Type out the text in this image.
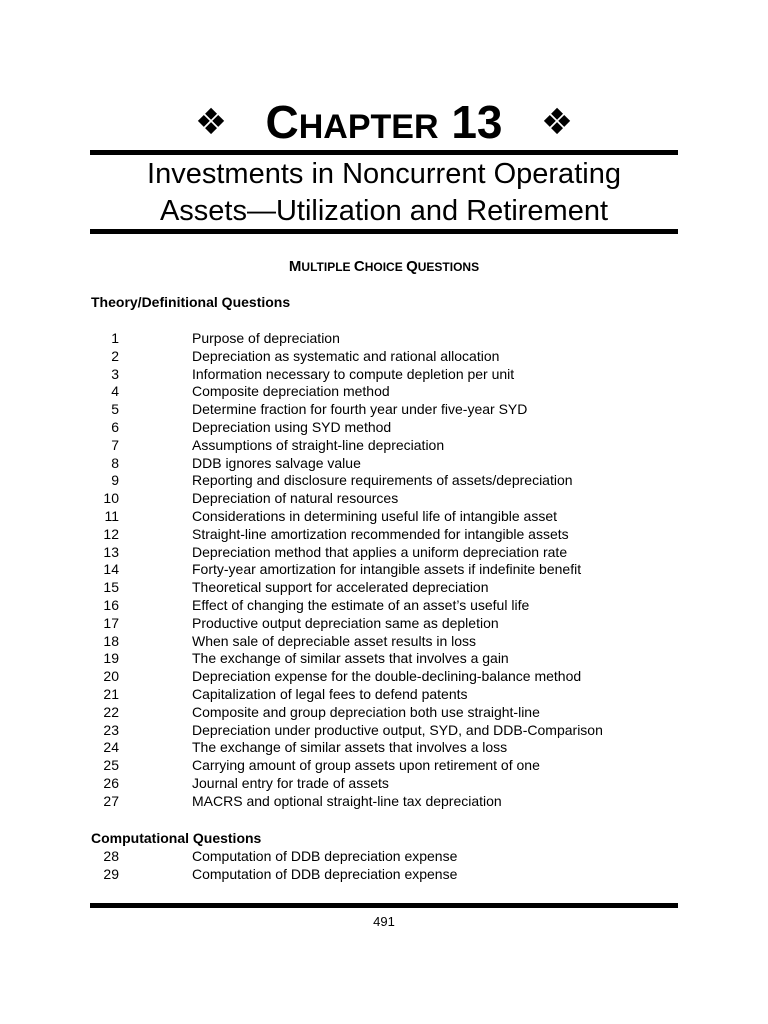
❖ CHAPTER 13 ❖
Investments in Noncurrent Operating
Assets—Utilization and Retirement
MULTIPLE CHOICE QUESTIONS
Theory/Definitional Questions
1	Purpose of depreciation
2	Depreciation as systematic and rational allocation
3	Information necessary to compute depletion per unit
4	Composite depreciation method
5	Determine fraction for fourth year under five-year SYD
6	Depreciation using SYD method
7	Assumptions of straight-line depreciation
8	DDB ignores salvage value
9	Reporting and disclosure requirements of assets/depreciation
10	Depreciation of natural resources
11	Considerations in determining useful life of intangible asset
12	Straight-line amortization recommended for intangible assets
13	Depreciation method that applies a uniform depreciation rate
14	Forty-year amortization for intangible assets if indefinite benefit
15	Theoretical support for accelerated depreciation
16	Effect of changing the estimate of an asset’s useful life
17	Productive output depreciation same as depletion
18	When sale of depreciable asset results in loss
19	The exchange of similar assets that involves a gain
20	Depreciation expense for the double-declining-balance method
21	Capitalization of legal fees to defend patents
22	Composite and group depreciation both use straight-line
23	Depreciation under productive output, SYD, and DDB-Comparison
24	The exchange of similar assets that involves a loss
25	Carrying amount of group assets upon retirement of one
26	Journal entry for trade of assets
27	MACRS and optional straight-line tax depreciation
Computational Questions
28	Computation of DDB depreciation expense
29	Computation of DDB depreciation expense
491
